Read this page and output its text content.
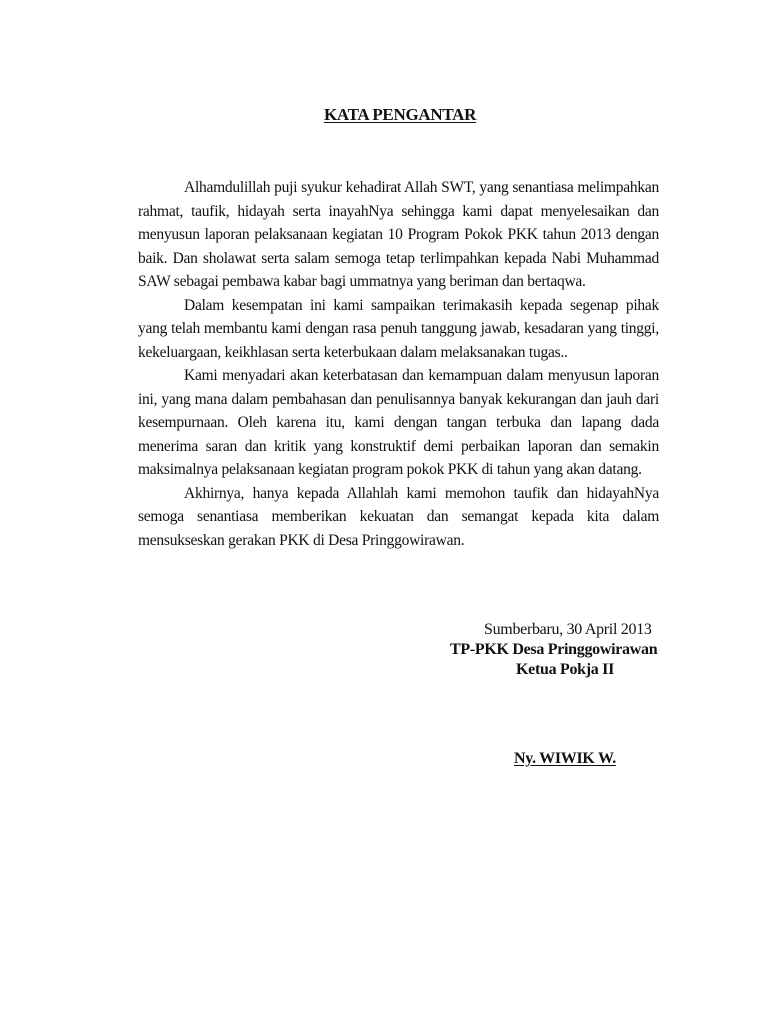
KATA PENGANTAR

Alhamdulillah puji syukur kehadirat Allah SWT, yang senantiasa melimpahkan rahmat, taufik, hidayah serta inayahNya sehingga kami dapat menyelesaikan dan menyusun laporan pelaksanaan kegiatan 10 Program Pokok PKK tahun 2013 dengan baik. Dan sholawat serta salam semoga tetap terlimpahkan kepada Nabi Muhammad SAW sebagai pembawa kabar bagi ummatnya yang beriman dan bertaqwa.

Dalam kesempatan ini kami sampaikan terimakasih kepada segenap pihak yang telah membantu kami dengan rasa penuh tanggung jawab, kesadaran yang tinggi, kekeluargaan, keikhlasan serta keterbukaan dalam melaksanakan tugas..

Kami menyadari akan keterbatasan dan kemampuan dalam menyusun laporan ini, yang mana dalam pembahasan dan penulisannya banyak kekurangan dan jauh dari kesempurnaan. Oleh karena itu, kami dengan tangan terbuka dan lapang dada menerima saran dan kritik yang konstruktif demi perbaikan laporan dan semakin maksimalnya pelaksanaan kegiatan program pokok PKK di tahun yang akan datang.

Akhirnya, hanya kepada Allahlah kami memohon taufik dan hidayahNya semoga senantiasa memberikan kekuatan dan semangat kepada kita dalam mensukseskan gerakan PKK di Desa Pringgowirawan.

Sumberbaru, 30 April 2013
TP-PKK Desa Pringgowirawan
Ketua Pokja II
Ny. WIWIK W.
